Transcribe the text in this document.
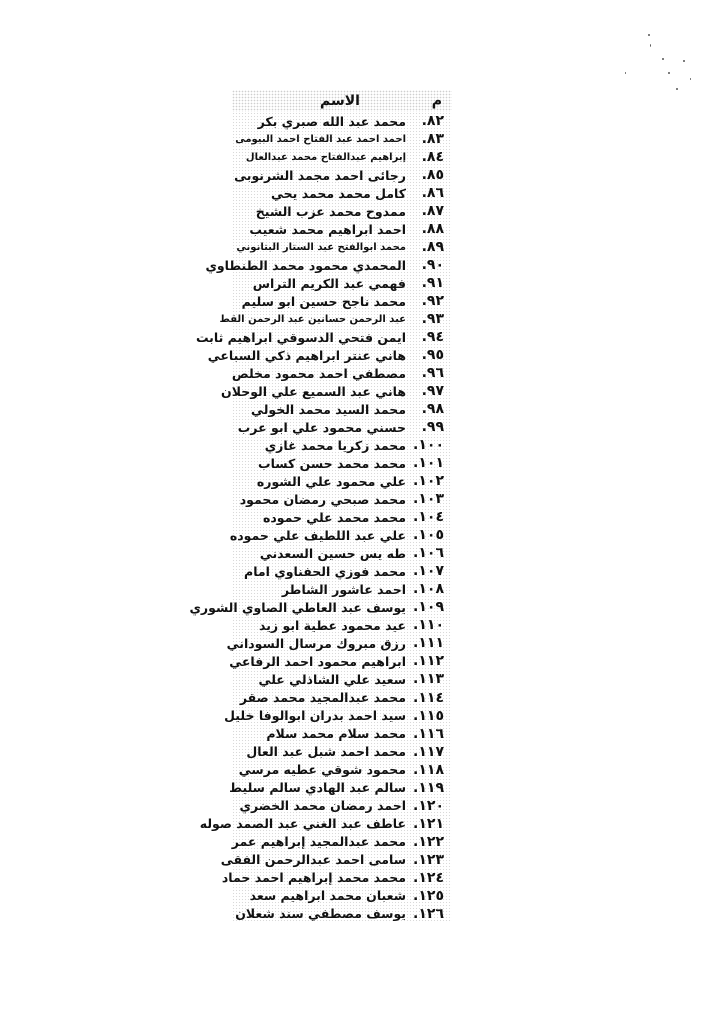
م
الاسم
٨٢.
محمد عبد الله صبري بكر
٨٣.
احمد احمد عبد الفتاح احمد البيومى
٨٤.
إبراهيم عبدالفتاح محمد عبدالعال
٨٥.
رجائى احمد مجمد الشرنوبى
٨٦.
كامل محمد محمد يحي
٨٧.
ممدوح محمد عزب الشيخ
٨٨.
احمد ابراهيم محمد شعيب
٨٩.
محمد ابوالفتح عبد الستار البتانوني
٩٠.
المحمدي محمود محمد الطنطاوي
٩١.
فهمي عبد الكريم التراس
٩٢.
محمد ناجح حسين ابو سليم
٩٣.
عبد الرحمن حسانين عبد الرحمن القط
٩٤.
ايمن فتحي الدسوقي ابراهيم ثابت
٩٥.
هاني عنتر ابراهيم ذكي السباعي
٩٦.
مصطفي احمد محمود مخلص
٩٧.
هاني عبد السميع علي الوحلان
٩٨.
محمد السيد محمد الخولي
٩٩.
حسني محمود علي ابو عرب
١٠٠.
محمد زكريا محمد غازي
١٠١.
محمد محمد حسن كساب
١٠٢.
علي محمود علي الشوره
١٠٣.
محمد صبحي رمضان محمود
١٠٤.
محمد محمد علي حموده
١٠٥.
علي عبد اللطيف علي حموده
١٠٦.
طه يس حسين السعدني
١٠٧.
محمد فوزي الحفناوي امام
١٠٨.
احمد عاشور الشاطر
١٠٩.
يوسف عبد العاطي الصاوي الشوري
١١٠.
عيد محمود عطية ابو زيد
١١١.
رزق مبروك مرسال السوداني
١١٢.
ابراهيم محمود احمد الرفاعي
١١٣.
سعيد علي الشاذلي علي
١١٤.
محمد عبدالمجيد محمد صقر
١١٥.
سيد احمد بدران ابوالوفا خليل
١١٦.
محمد سلام محمد سلام
١١٧.
محمد احمد شبل عبد العال
١١٨.
محمود شوقي عطيه مرسي
١١٩.
سالم عبد الهادي سالم سليط
١٢٠.
احمد رمضان محمد الخضري
١٢١.
عاطف عبد الغني عبد الصمد صوله
١٢٢.
محمد عبدالمجيد إبراهيم عمر
١٢٣.
سامى احمد عبدالرحمن الفقى
١٢٤.
محمد محمد إبراهيم احمد حماد
١٢٥.
شعبان محمد ابراهيم سعد
١٢٦.
يوسف مصطفي سند شعلان
